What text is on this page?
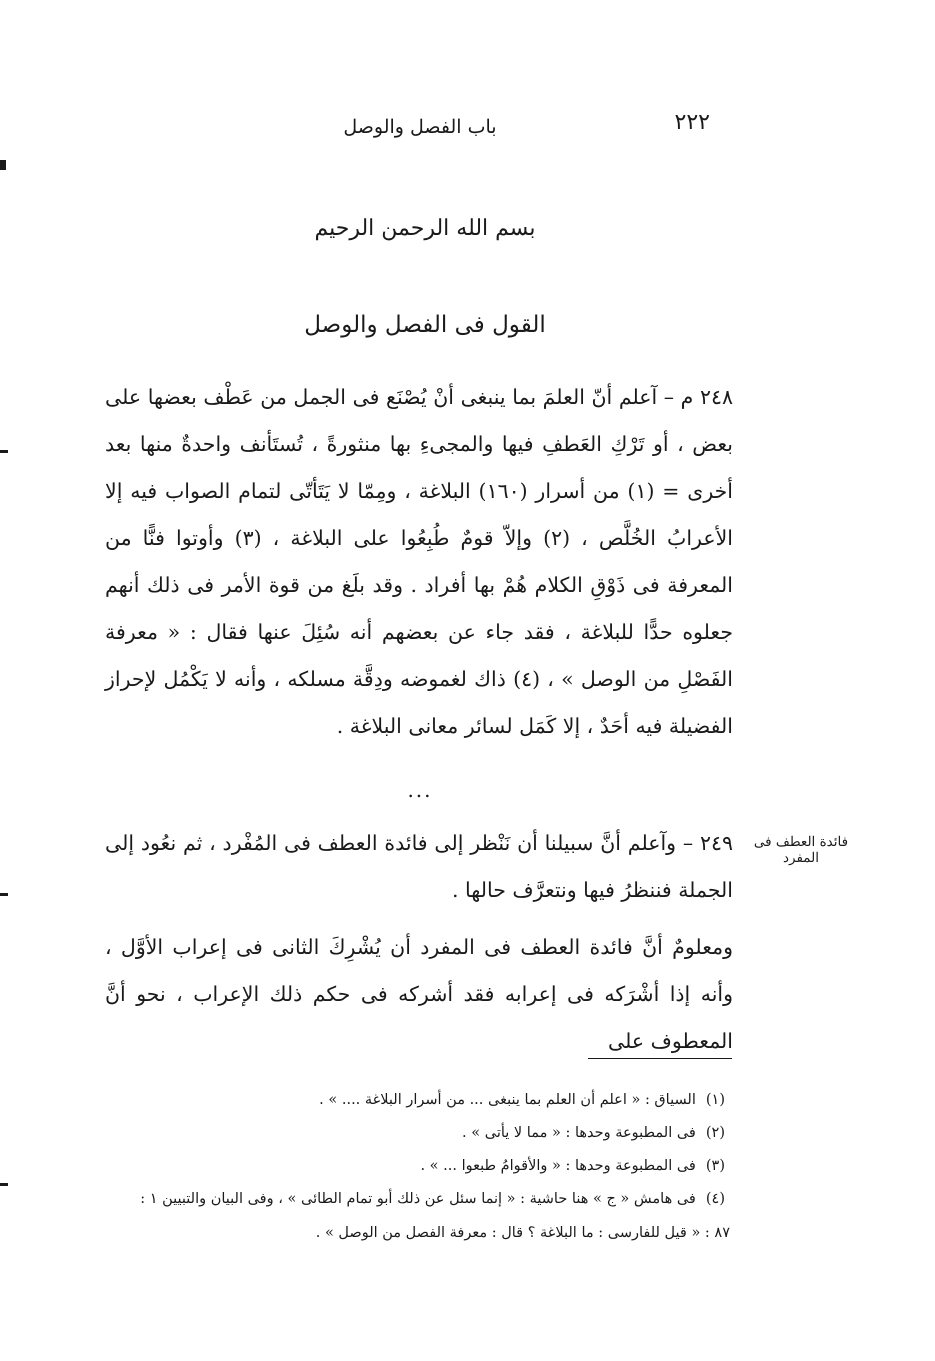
باب الفصل والوصل	٢٢٢
بسم الله الرحمن الرحيم
القول فى الفصل والوصل

٢٤٨ م – آعلم أنّ العلمَ بما ينبغى أنْ يُصْنَع فى الجمل من عَطْف بعضها على بعض ، أو تَرْكِ العَطفِ فيها والمجىءِ بها منثورةً ، تُستَأنف واحدةٌ منها بعد أخرى = (١) من أسرار (١٦٠) البلاغة ، ومِمّا لا يَتَأتّى لتمام الصواب فيه إلا الأعرابُ الخُلَّص ، (٢) وإلاّ قومٌ طُبِعُوا على البلاغة ، (٣) وأوتوا فنًّا من المعرفة فى ذَوْقِ الكلام هُمْ بها أفراد . وقد بلَغ من قوة الأمر فى ذلك أنهم جعلوه حدًّا للبلاغة ، فقد جاء عن بعضهم أنه سُئِلَ عنها فقال : « معرفة الفَصْلِ من الوصل » ، (٤) ذاك لغموضه ودِقَّة مسلكه ، وأنه لا يَكْمُل لإحراز الفضيلة فيه أحَدٌ ، إلا كَمَل لسائر معانى البلاغة .

...
فائدة العطف فى المفرد

٢٤٩ – وآعلم أنَّ سبيلنا أن نَنْظر إلى فائدة العطف فى المُفْرد ، ثم نعُود إلى الجملة فننظرُ فيها ونتعرَّف حالها .

ومعلومٌ أنَّ فائدة العطف فى المفرد أن يُشْرِكَ الثانى فى إعراب الأوَّل ، وأنه إذا أشْرَكه فى إعرابه فقد أشركه فى حكم ذلك الإعراب ، نحو أنَّ المعطوف على

(١)السياق : « اعلم أن العلم بما ينبغى ... من أسرار البلاغة .... » .
(٢)فى المطبوعة وحدها : « مما لا يأتى » .
(٣)فى المطبوعة وحدها : « والأقوامُ طبعوا ... » .
(٤)فى هامش « ج » هنا حاشية : « إنما سئل عن ذلك أبو تمام الطائى » ، وفى البيان والتبيين ١ :
٨٧ : « قيل للفارسى : ما البلاغة ؟ قال : معرفة الفصل من الوصل » .
